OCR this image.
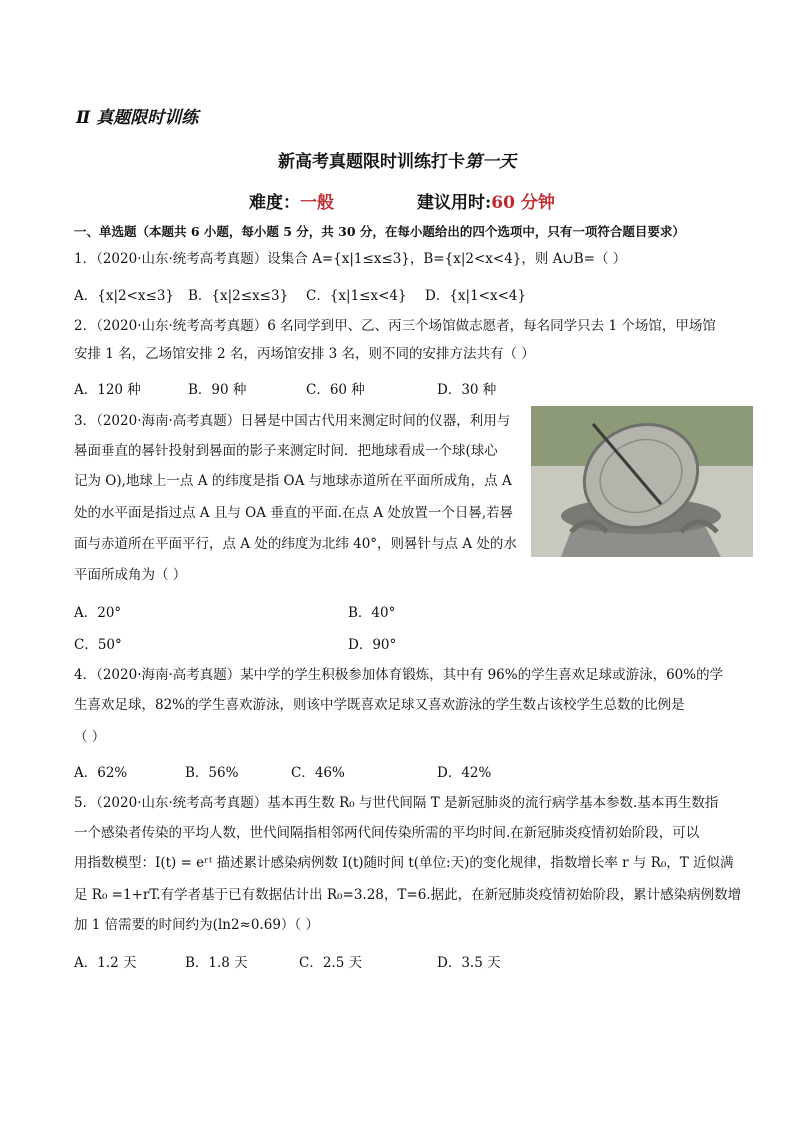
Ⅱ 真题限时训练
新高考真题限时训练打卡第一天
难度：一般	建议用时:60 分钟
一、单选题（本题共 6 小题，每小题 5 分，共 30 分，在每小题给出的四个选项中，只有一项符合题目要求）
1．（2020·山东·统考高考真题）设集合 A={x|1≤x≤3}，B={x|2<x<4}，则 A∪B=（ ）
A．{x|2<x≤3} B．{x|2≤x≤3} C．{x|1≤x<4} D．{x|1<x<4}
2．（2020·山东·统考高考真题）6 名同学到甲、乙、丙三个场馆做志愿者，每名同学只去 1 个场馆，甲场馆
安排 1 名，乙场馆安排 2 名，丙场馆安排 3 名，则不同的安排方法共有（ ）
A．120 种	B．90 种	C．60 种	D．30 种
3．（2020·海南·高考真题）日晷是中国古代用来测定时间的仪器，利用与
晷面垂直的晷针投射到晷面的影子来测定时间．把地球看成一个球(球心
记为 O),地球上一点 A 的纬度是指 OA 与地球赤道所在平面所成角，点 A
处的水平面是指过点 A 且与 OA 垂直的平面.在点 A 处放置一个日晷,若晷
面与赤道所在平面平行，点 A 处的纬度为北纬 40°，则晷针与点 A 处的水
平面所成角为（ ）
A．20°	B．40°
C．50°	D．90°
4．（2020·海南·高考真题）某中学的学生积极参加体育锻炼，其中有 96%的学生喜欢足球或游泳，60%的学
生喜欢足球，82%的学生喜欢游泳，则该中学既喜欢足球又喜欢游泳的学生数占该校学生总数的比例是
（ ）
A．62%	B．56%	C．46%	D．42%
5．（2020·山东·统考高考真题）基本再生数 R₀ 与世代间隔 T 是新冠肺炎的流行病学基本参数.基本再生数指
一个感染者传染的平均人数，世代间隔指相邻两代间传染所需的平均时间.在新冠肺炎疫情初始阶段，可以
用指数模型：I(t) = eʳᵗ 描述累计感染病例数 I(t)随时间 t(单位:天)的变化规律，指数增长率 r 与 R₀，T 近似满
足 R₀ =1+rT.有学者基于已有数据估计出 R₀=3.28，T=6.据此，在新冠肺炎疫情初始阶段，累计感染病例数增
加 1 倍需要的时间约为(ln2≈0.69）（ ）
A．1.2 天	B．1.8 天	C．2.5 天	D．3.5 天
